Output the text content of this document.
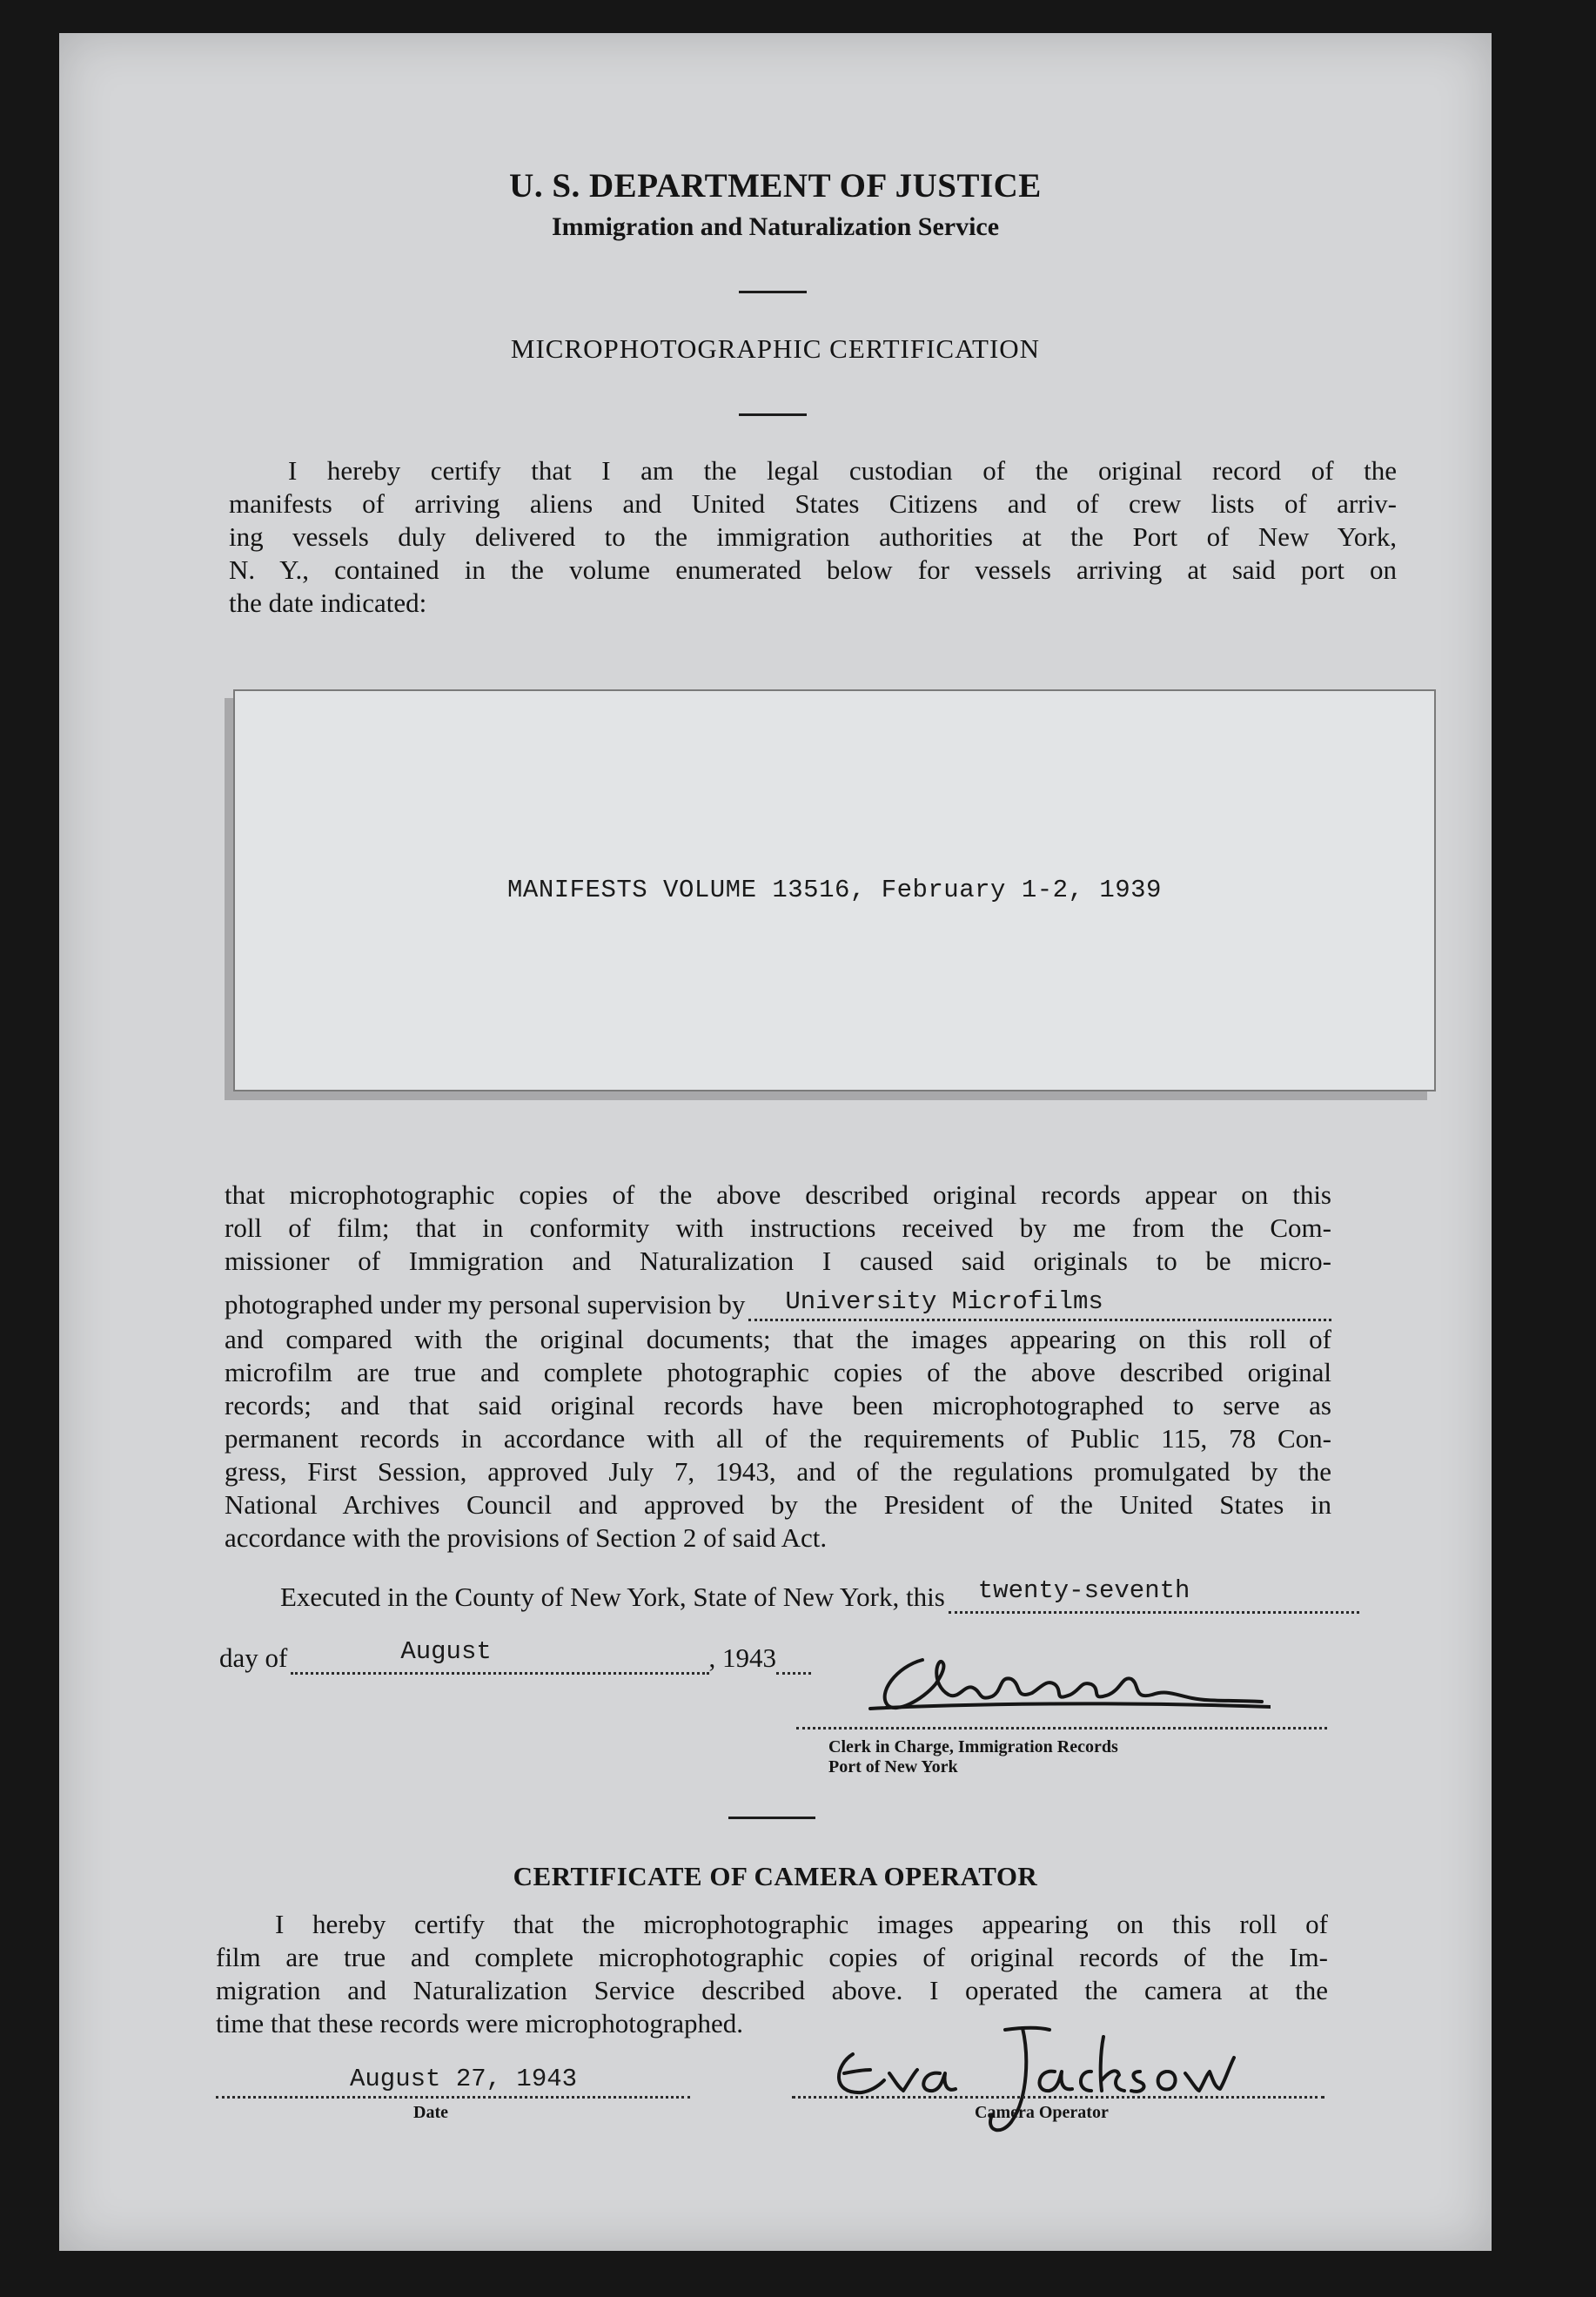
U. S. DEPARTMENT OF JUSTICE
Immigration and Naturalization Service
MICROPHOTOGRAPHIC CERTIFICATION
I hereby certify that I am the legal custodian of the original record of the
manifests of arriving aliens and United States Citizens and of crew lists of arriv-
ing vessels duly delivered to the immigration authorities at the Port of New York,
N. Y., contained in the volume enumerated below for vessels arriving at said port on
the date indicated:
MANIFESTS VOLUME 13516, February 1-2, 1939
that microphotographic copies of the above described original records appear on this
roll of film; that in conformity with instructions received by me from the Com-
missioner of Immigration and Naturalization I caused said originals to be micro-
photographed under my personal supervision by University Microfilms
and compared with the original documents; that the images appearing on this roll of
microfilm are true and complete photographic copies of the above described original
records; and that said original records have been microphotographed to serve as
permanent records in accordance with all of the requirements of Public 115, 78 Con-
gress, First Session, approved July 7, 1943, and of the regulations promulgated by the
National Archives Council and approved by the President of the United States in
accordance with the provisions of Section 2 of said Act.
Executed in the County of New York, State of New York, this twenty-seventh
day of	August	, 1943
Clerk in Charge, Immigration Records
Port of New York
CERTIFICATE OF CAMERA OPERATOR
I hereby certify that the microphotographic images appearing on this roll of
film are true and complete microphotographic copies of original records of the Im-
migration and Naturalization Service described above. I operated the camera at the
time that these records were microphotographed.
August 27, 1943
Date	Camera Operator
